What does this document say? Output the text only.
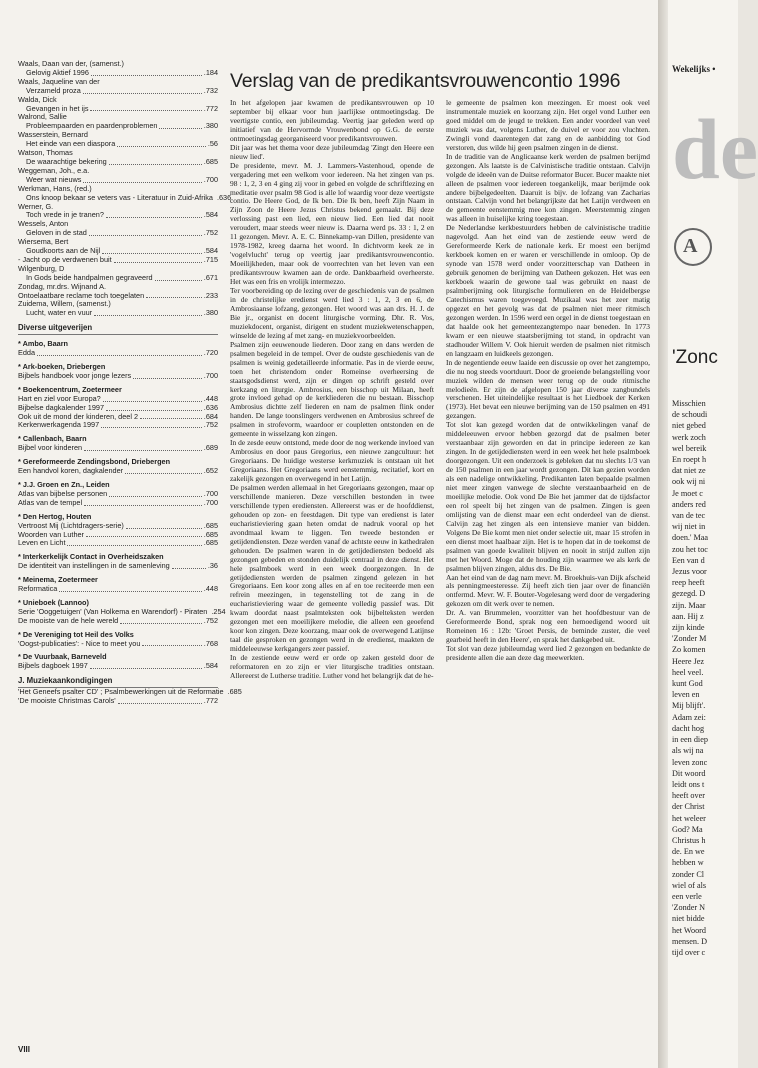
Waals, Daan van der, (samenst.)
Gelovig Aktief 1996	.184
Waals, Jaqueline van der
Verzameld proza	.732
Walda, Dick
Gevangen in het ijs	.772
Walrond, Sallie
Probleempaarden en paardenproblemen	.380
Wasserstein, Bernard
Het einde van een diaspora	.56
Watson, Thomas
De waarachtige bekering	.685
Weggeman, Joh., e.a.
Weer wat nieuws	.700
Werkman, Hans, (red.)
Ons knoop bekaar se veters vas - Literatuur in Zuid-Afrika .636
Werner, G.
Toch vrede in je tranen?	.584
Wessels, Anton
Geloven in de stad	.752
Wiersema, Bert
Goudkoorts aan de Nijl	.584
- Jacht op de verdwenen buit	.715
Wilgenburg, D
In Gods beide handpalmen gegraveerd	.671
Zondag, mr.drs. Wijnand A.
Ontoelaatbare reclame toch toegelaten	.233
Zuidema, Willem, (samenst.)
Lucht, water en vuur	.380
Diverse uitgeverijen
* Ambo, Baarn
Edda	.720
* Ark-boeken, Driebergen
Bijbels handboek voor jonge lezers	.700
* Boekencentrum, Zoetermeer
Hart en ziel voor Europa?	.448
Bijbelse dagkalender 1997	.636
Ook uit de mond der kinderen, deel 2	.684
Kerkenwerkagenda 1997	.752
* Callenbach, Baarn
Bijbel voor kinderen	.689
* Gereformeerde Zendingsbond, Driebergen
Een handvol koren, dagkalender	.652
* J.J. Groen en Zn., Leiden
Atlas van bijbelse personen	.700
Atlas van de tempel	.700
* Den Hertog, Houten
Vertroost Mij (Lichtdragers-serie)	.685
Woorden van Luther	.685
Leven en Licht	.685
* Interkerkelijk Contact in Overheidszaken
De identiteit van instellingen in de samenleving	.36
* Meinema, Zoetermeer
Reformatica	.448
* Unieboek (Lannoo)
Serie 'Ooggetuigen' (Van Holkema en Warendorf) - Piraten .254
De mooiste van de hele wereld	.752
* De Vereniging tot Heil des Volks
'Oogst-publicaties': - Nice to meet you	.768
* De Vuurbaak, Barneveld
Bijbels dagboek 1997	.584
J. Muziekaankondigingen
'Het Geneefs psalter CD' ; Psalmbewerkingen uit de Reformatie .685
'De mooiste Christmas Carols'	.772
Verslag van de predikantsvrouwencontio 1996

In het afgelopen jaar kwamen de predikantsvrouwen op 10 september bij elkaar voor hun jaarlijkse ontmoetingsdag. De veertigste contio, een jubileumdag. Veertig jaar geleden werd op initiatief van de Hervormde Vrouwenbond op G.G. de eerste ontmoetingsdag georganiseerd voor predikantsvrouwen.

Dit jaar was het thema voor deze jubileumdag 'Zingt den Heere een nieuw lied'.

De presidente, mevr. M. J. Lammers-Vastenhoud, opende de vergadering met een welkom voor iedereen. Na het zingen van ps. 98 : 1, 2, 3 en 4 ging zij voor in gebed en volgde de schriftlezing en meditatie over psalm 98 God is alle lof waardig voor deze veertigste contio. De Heere God, de Ik ben. Die Ik ben, heeft Zijn Naam in Zijn Zoon de Heere Jezus Christus bekend gemaakt. Bij deze verlossing past een lied, een nieuw lied. Een lied dat nooit veroudert, maar steeds weer nieuw is. Daarna werd ps. 33 : 1, 2 en 11 gezongen. Mevr. A. E. C. Binnekamp-van Dillen, presidente van 1978-1982, kreeg daarna het woord. In dichtvorm keek ze in 'vogelvlucht' terug op veertig jaar predikantsvrouwencontio. Moeilijkheden, maar ook de voorrechten van het leven van een predikantsvrouw kwamen aan de orde. Dankbaarheid overheerste. Het was een fris en vrolijk intermezzo.

Ter voorbereiding op de lezing over de geschiedenis van de psalmen in de christelijke eredienst werd lied 3 : 1, 2, 3 en 6, de Ambrosiaanse lofzang, gezongen. Het woord was aan drs. H. J. de Bie jr., organist en docent liturgische vorming. Dhr. R. Vos, muziekdocent, organist, dirigent en student muziekwetenschappen, winselde de lezing af met zang- en muziekvoorbeelden.

Psalmen zijn eeuwenoude liederen. Door zang en dans werden de psalmen begeleid in de tempel. Over de oudste geschiedenis van de psalmen is weinig gedetailleerde informatie. Pas in de vierde eeuw, toen het christendom onder Romeinse overheersing de staatsgodsdienst werd, zijn er dingen op schrift gesteld over kerkzang en liturgie. Ambrosius, een bisschop uit Milaan, heeft grote invloed gehad op de kerkliederen die nu bestaan. Bisschop Ambrosius dichtte zelf liederen en nam de psalmen flink onder handen. De lange toonslingers verdwenen en Ambrosius schreef de psalmen in strofevorm, waardoor er coupletten ontstonden en de gemeente in wisselzang kon zingen.

In de zesde eeuw ontstond, mede door de nog werkende invloed van Ambrosius en door paus Gregorius, een nieuwe zangcultuur: het Gregoriaans. De huidige westerse kerkmuziek is ontstaan uit het Gregoriaans. Het Gregoriaans werd eenstemmig, recitatief, kort en zakelijk gezongen en overwegend in het Latijn.

De psalmen werden allemaal in het Gregoriaans gezongen, maar op verschillende manieren. Deze verschillen bestonden in twee verschillende typen erediensten. Allereerst was er de hoofddienst, gehouden op zon- en feestdagen. Dit type van eredienst is later eucharistieviering gaan heten omdat de nadruk vooral op het avondmaal kwam te liggen. Ten tweede bestonden er getijdendiensten. Deze werden vanaf de achtste eeuw in kathedralen gehouden. De psalmen waren in de getijdediensten bedoeld als gezongen gebeden en stonden duidelijk centraal in deze dienst. Het hele psalmboek werd in een week doorgezongen. In de getijdediensten werden de psalmen zingend gelezen in het Gregoriaans. Een koor zong alles en af en toe reciteerde men een refrein meezingen, in tegenstelling tot de zang in de eucharistieviering waar de gemeente volledig passief was. Dit kwam doordat naast psalmteksten ook bijbelteksten werden gezongen met een moeilijkere melodie, die alleen een geoefend koor kon zingen. Deze koorzang, maar ook de overwegend Latijnse taal die gesproken en gezongen werd in de eredienst, maakten de middeleeuwse kerkgangers zeer passief.

In de zestiende eeuw werd er orde op zaken gesteld door de reformatoren en zo zijn er vier liturgische tradities ontstaan. Allereerst de Lutherse traditie. Luther vond het belangrijk dat de he-

le gemeente de psalmen kon meezingen. Er moest ook veel instrumentale muziek en koorzang zijn. Het orgel vond Luther een goed middel om de jeugd te trekken. Een ander voordeel van veel muziek was dat, volgens Luther, de duivel er voor zou vluchten. Zwingli vond daarentegen dat zang en de aanbidding tot God verstoren, dus wilde hij geen psalmen zingen in de dienst.

In de traditie van de Anglicaanse kerk werden de psalmen berijmd gezongen. Als laatste is de Calvinistische traditie ontstaan. Calvijn volgde de ideeën van de Duitse reformator Bucer. Bucer maakte niet alleen de psalmen voor iedereen toegankelijk, maar berijmde ook andere bijbelgedeelten. Daaruit is bijv. de lofzang van Zacharias ontstaan. Calvijn vond het belangrijkste dat het Latijn verdween en de gemeente eenstemmig mee kon zingen. Meerstemmig zingen was alleen in huiselijke kring toegestaan.

De Nederlandse kerkbestuurders hebben de calvinistische traditie nagevolgd. Aan het eind van de zestiende eeuw werd de Gereformeerde Kerk de nationale kerk. Er moest een berijmd kerkboek komen en er waren er verschillende in omloop. Op de synode van 1578 werd onder voorzitterschap van Datheen in gebruik genomen de berijming van Datheen gekozen. Het was een kerkboek waarin de gewone taal was gebruikt en naast de psalmberijming ook liturgische formulieren en de Heidelbergse Catechismus waren toegevoegd. Muzikaal was het zeer matig opgezet en het gevolg was dat de psalmen niet meer ritmisch gezongen werden. In 1596 werd een orgel in de dienst toegestaan en dat haalde ook het gemeentezangtempo naar beneden. In 1773 kwam er een nieuwe staatsberijming tot stand, in opdracht van stadhouder Willem V. Ook hieruit werden de psalmen niet ritmisch en langzaam en luidkeels gezongen.

In de negentiende eeuw laaide een discussie op over het zangtempo, die nu nog steeds voortduurt. Door de groeiende belangstelling voor muziek wilden de mensen weer terug op de oude ritmische melodieën. Er zijn de afgelopen 150 jaar diverse zangbundels verschenen. Het uiteindelijke resultaat is het Liedboek der Kerken (1973). Het bevat een nieuwe berijming van de 150 psalmen en 491 gezangen.

Tot slot kan gezegd worden dat de ontwikkelingen vanaf de middeleeuwen ervoor hebben gezorgd dat de psalmen beter verstaanbaar zijn geworden en dat in principe iedereen ze kan zingen. In de getijdediensten werd in een week het hele psalmboek doorgezongen. Uit een onderzoek is gebleken dat nu slechts 1/3 van de 150 psalmen in een jaar wordt gezongen. Dit kan gezien worden als een nadelige ontwikkeling. Predikanten laten bepaalde psalmen niet meer zingen vanwege de slechte verstaanbaarheid en de moeilijke melodie. Ook vond De Bie het jammer dat de tijdsfactor een rol speelt bij het zingen van de psalmen. Zingen is geen omlijsting van de dienst maar een echt onderdeel van de dienst. Calvijn zag het zingen als een intensieve manier van bidden. Volgens De Bie komt men niet onder selectie uit, maar 15 strofen in een dienst moet haalbaar zijn. Het is te hopen dat in de toekomst de psalmen van goede kwaliteit blijven en nooit in strijd zullen zijn met het Woord. Moge dat de houding zijn waarmee we als kerk de psalmen blijven zingen, aldus drs. De Bie.

Aan het eind van de dag nam mevr. M. Broekhuis-van Dijk afscheid als penningmeesteresse. Zij heeft zich tien jaar over de financiën ontfermd. Mevr. W. F. Bouter-Vogelesang werd door de vergadering gekozen om dit werk over te nemen.

Dr. A. van Brummelen, voorzitter van het hoofdbestuur van de Gereformeerde Bond, sprak nog een hemoedigend woord uit Romeinen 16 : 12b: 'Groet Persis, de beminde zuster, die veel gearbeid heeft in den Heere', en sprak het dankgebed uit.

Tot slot van deze jubileumdag werd lied 2 gezongen en bedankte de presidente allen die aan deze dag meewerkten.

VIII
Wekelijks •
de
A
'Zonc
Misschien
de schoudi
niet gebed
werk zoch
wel bereik
En roept h
dat niet ze
ook wij ni
Je moet c
anders red
van de tec
wij niet in
doen.' Maa
zou het toc
Een van d
Jezus voor
reep heeft
gezegd. D
zijn. Maar
aan. Hij z
zijn kinde
'Zonder M
Zo komen
Heere Jez
heel veel.
kunt God
leven en
Mij blijft'.
Adam zei:
dacht hog
in een diep
als wij na
leven zonc
Dit woord
leidt ons t
heeft over
der Christ
het weleer
God? Ma
Christus h
de. En we
hebben w
zonder Cl
wiel of als
een verle
'Zonder N
niet bidde
het Woord
mensen. D
tijd over c
